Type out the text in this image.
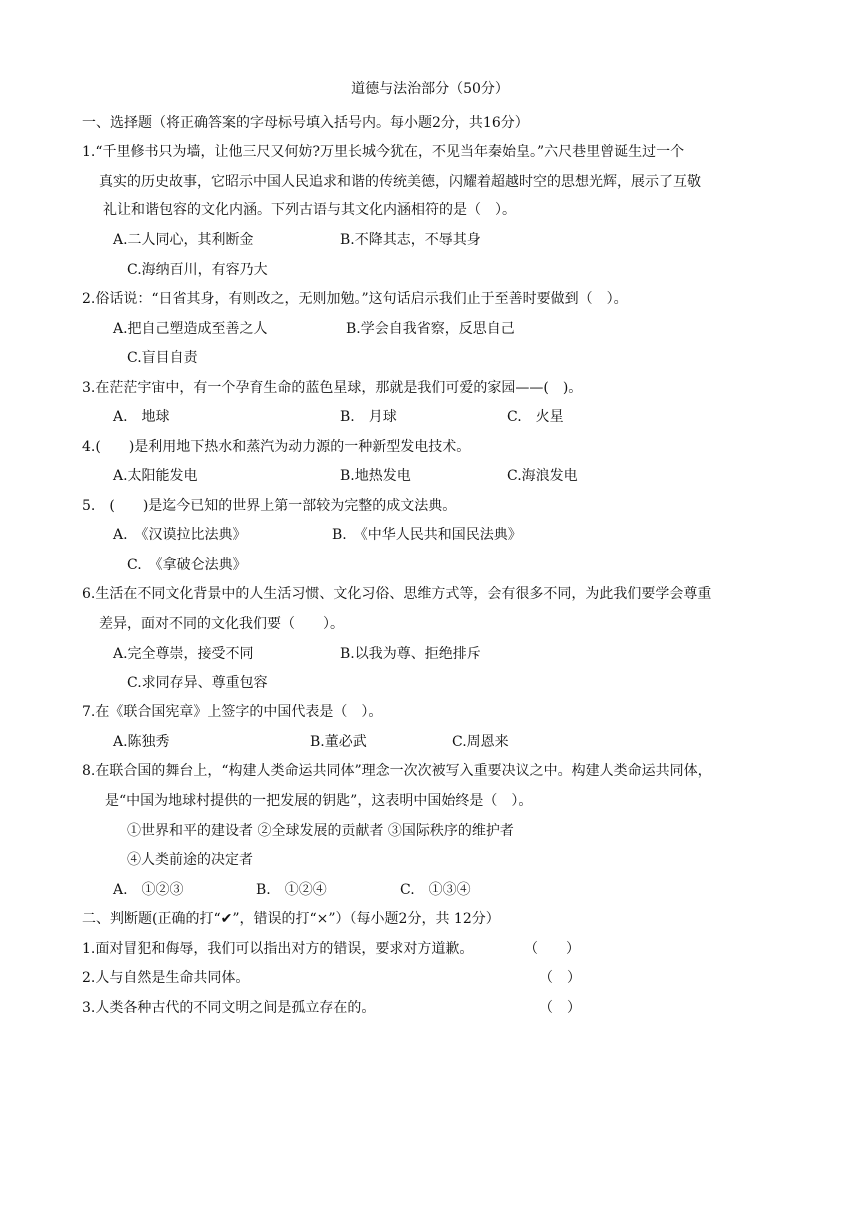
道德与法治部分（50分）
一、选择题（将正确答案的字母标号填入括号内。每小题2分，共16分）
1.“千里修书只为墙，让他三尺又何妨?万里长城今犹在，不见当年秦始皇。”六尺巷里曾诞生过一个
真实的历史故事，它昭示中国人民追求和谐的传统美德，闪耀着超越时空的思想光辉，展示了互敬
礼让和谐包容的文化内涵。下列古语与其文化内涵相符的是（　）。
A.二人同心，其利断金	B.不降其志，不辱其身
C.海纳百川，有容乃大
2.俗话说：“日省其身，有则改之，无则加勉。”这句话启示我们止于至善时要做到（　）。
A.把自己塑造成至善之人	B.学会自我省察，反思自己
C.盲目自责
3.在茫茫宇宙中，有一个孕育生命的蓝色星球，那就是我们可爱的家园——(　)。
A.　地球	B.　月球	C.　火星
4.(　　)是利用地下热水和蒸汽为动力源的一种新型发电技术。
A.太阳能发电	B.地热发电	C.海浪发电
5.　(　　)是迄今已知的世界上第一部较为完整的成文法典。
A.　《汉谟拉比法典》	B.　《中华人民共和国民法典》
C.　《拿破仑法典》
6.生活在不同文化背景中的人生活习惯、文化习俗、思维方式等，会有很多不同，为此我们要学会尊重
差异，面对不同的文化我们要（　　）。
A.完全尊崇，接受不同	B.以我为尊、拒绝排斥
C.求同存异、尊重包容
7.在《联合国宪章》上签字的中国代表是（　）。
A.陈独秀	B.董必武	C.周恩来
8.在联合国的舞台上，“构建人类命运共同体”理念一次次被写入重要决议之中。构建人类命运共同体，
是“中国为地球村提供的一把发展的钥匙”，这表明中国始终是（　）。
①世界和平的建设者 ②全球发展的贡献者 ③国际秩序的维护者
④人类前途的决定者
A.　①②③	B.　①②④	C.　①③④
二、判断题(正确的打“✔”，错误的打“×”）（每小题2分，共 12分）
1.面对冒犯和侮辱，我们可以指出对方的错误，要求对方道歉。	（　　）
2.人与自然是生命共同体。	（　）
3.人类各种古代的不同文明之间是孤立存在的。	（　）
